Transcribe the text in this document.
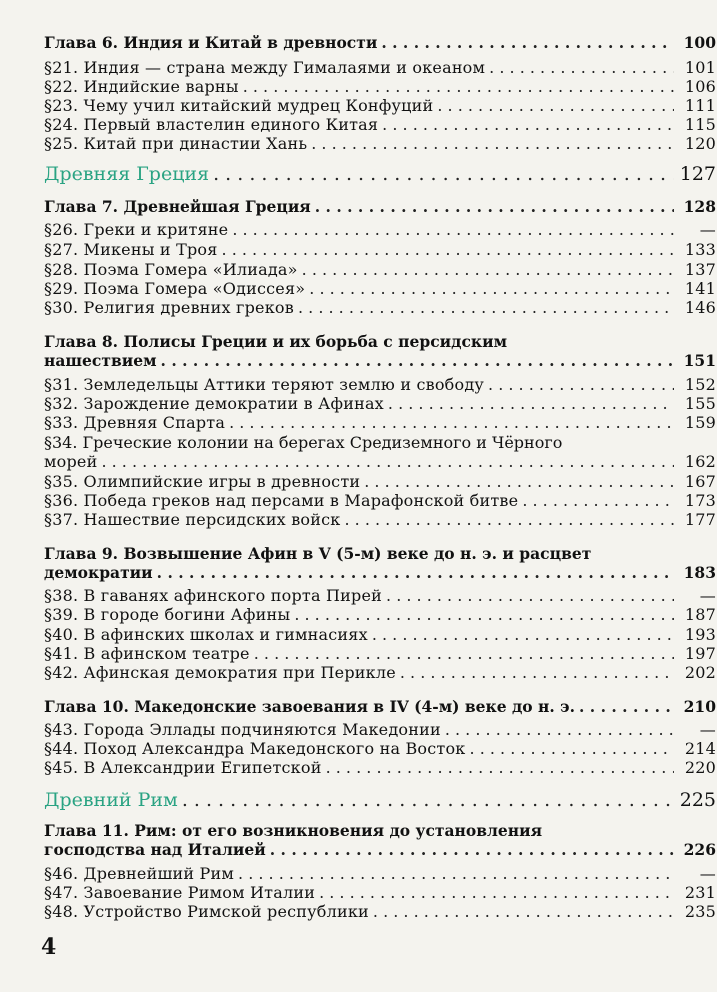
Глава 6. Индия и Китай в древности . . .	100
§21. Индия — страна между Гималаями и океаном . . .	101
§22. Индийские варны . . .	106
§23. Чему учил китайский мудрец Конфуций . . .	111
§24. Первый властелин единого Китая . . .	115
§25. Китай при династии Хань . . .	120
Древняя Греция . . .	127
Глава 7. Древнейшая Греция . . .	128
§26. Греки и критяне . . .	—
§27. Микены и Троя . . .	133
§28. Поэма Гомера «Илиада» . . .	137
§29. Поэма Гомера «Одиссея» . . .	141
§30. Религия древних греков . . .	146
Глава 8. Полисы Греции и их борьба с персидским
нашествием . . .	151
§31. Земледельцы Аттики теряют землю и свободу . . .	152
§32. Зарождение демократии в Афинах . . .	155
§33. Древняя Спарта . . .	159
§34. Греческие колонии на берегах Средиземного и Чёрного
морей . . .	162
§35. Олимпийские игры в древности . . .	167
§36. Победа греков над персами в Марафонской битве . . .	173
§37. Нашествие персидских войск . . .	177
Глава 9. Возвышение Афин в V (5-м) веке до н. э. и расцвет
демократии . . .	183
§38. В гаванях афинского порта Пирей . . .	—
§39. В городе богини Афины . . .	187
§40. В афинских школах и гимнасиях . . .	193
§41. В афинском театре . . .	197
§42. Афинская демократия при Перикле . . .	202
Глава 10. Македонские завоевания в IV (4-м) веке до н. э. . . .	210
§43. Города Эллады подчиняются Македонии . . .	—
§44. Поход Александра Македонского на Восток . . .	214
§45. В Александрии Египетской . . .	220
Древний Рим . . .	225
Глава 11. Рим: от его возникновения до установления
господства над Италией . . .	226
§46. Древнейший Рим . . .	—
§47. Завоевание Римом Италии . . .	231
§48. Устройство Римской республики . . .	235
4
